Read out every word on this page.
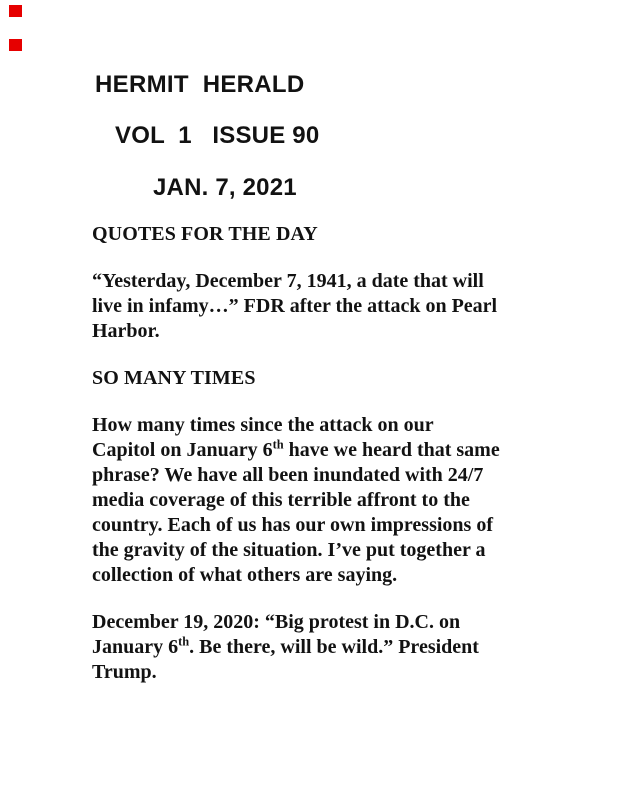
HERMIT  HERALD
VOL  1   ISSUE 90
JAN. 7, 2021
QUOTES FOR THE DAY
“Yesterday, December 7, 1941, a date that will
live in infamy…” FDR after the attack on Pearl
Harbor.
SO MANY TIMES
How many times since the attack on our
Capitol on January 6th have we heard that same
phrase? We have all been inundated with 24/7
media coverage of this terrible affront to the
country. Each of us has our own impressions of
the gravity of the situation. I’ve put together a
collection of what others are saying.
December 19, 2020: “Big protest in D.C. on
January 6th. Be there, will be wild.” President
Trump.
